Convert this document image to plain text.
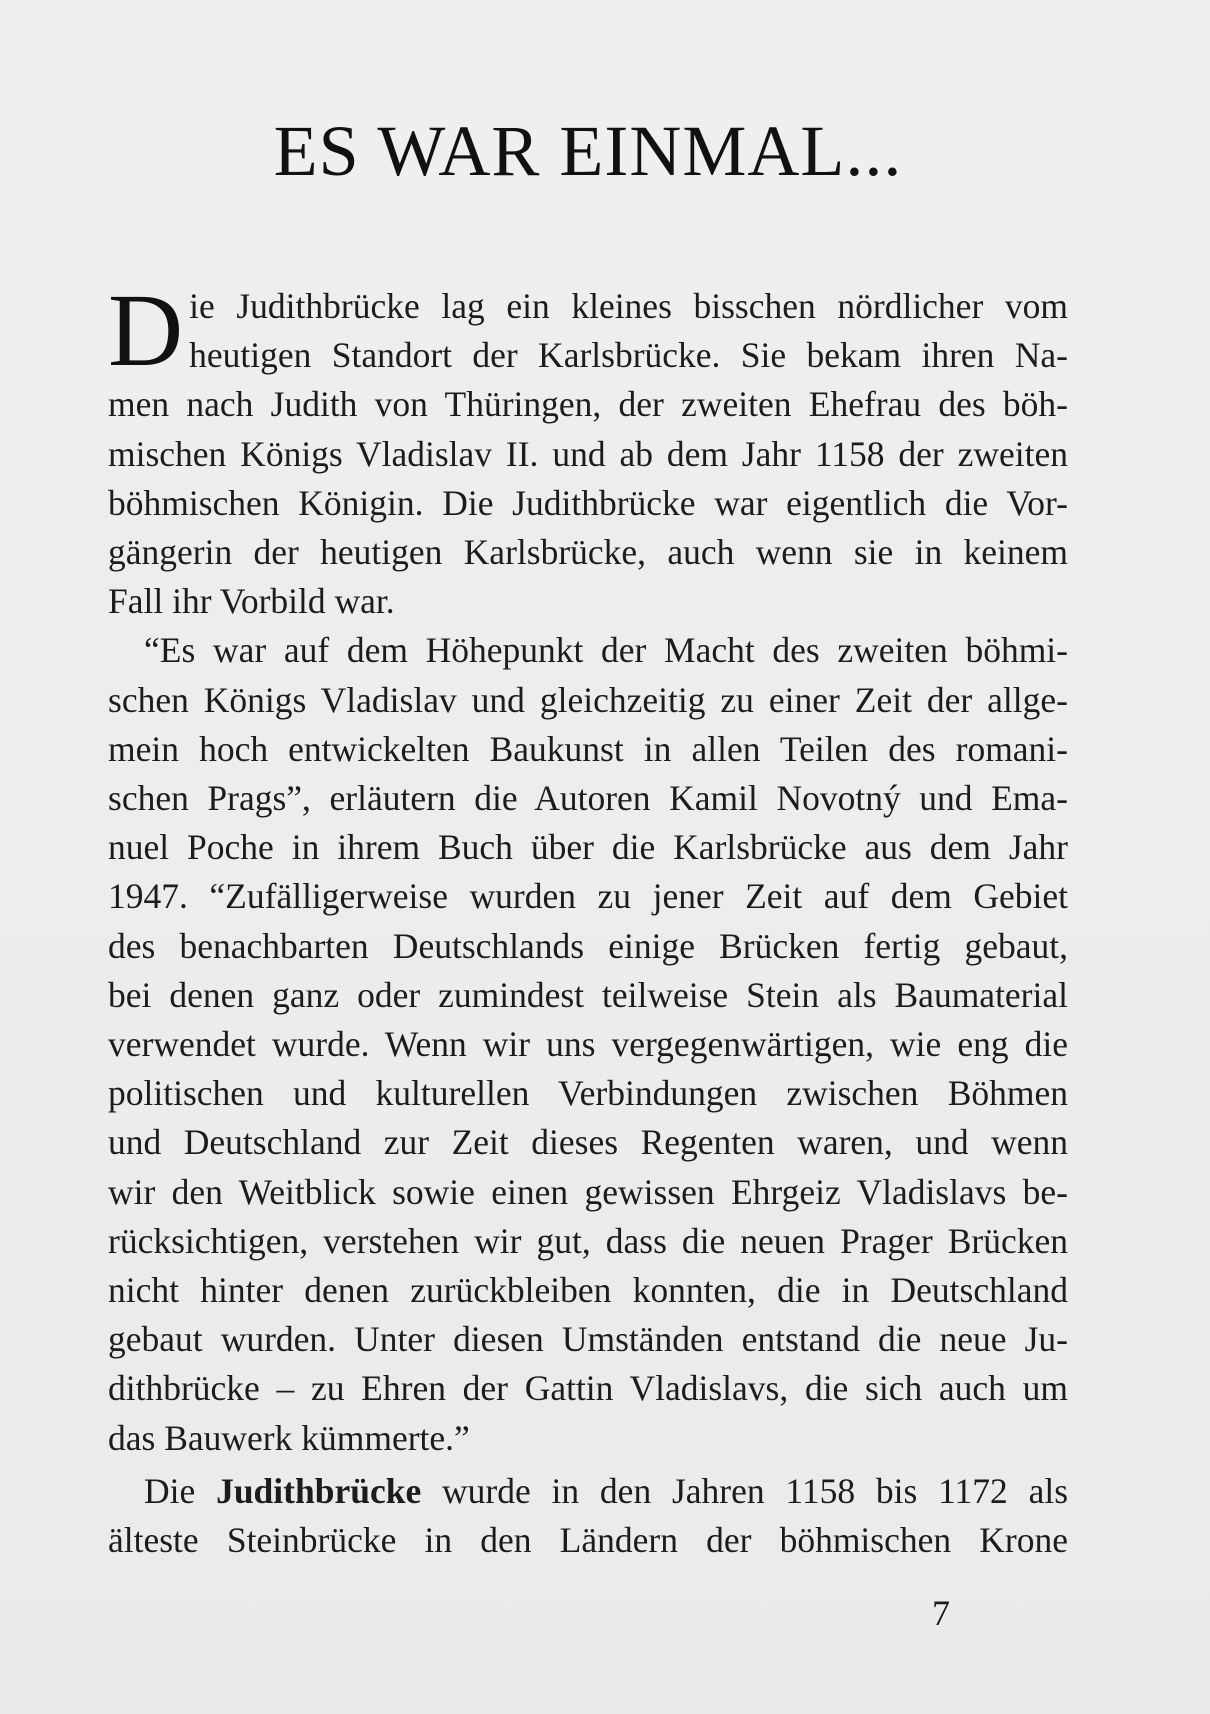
ES WAR EINMAL...

D ie Judithbrücke lag ein kleines bisschen nördlicher vom
heutigen Standort der Karlsbrücke. Sie bekam ihren Na-
men nach Judith von Thüringen, der zweiten Ehefrau des böh-
mischen Königs Vladislav II. und ab dem Jahr 1158 der zweiten
böhmischen Königin. Die Judithbrücke war eigentlich die Vor-
gängerin der heutigen Karlsbrücke, auch wenn sie in keinem
Fall ihr Vorbild war.

“Es war auf dem Höhepunkt der Macht des zweiten böhmi-
schen Königs Vladislav und gleichzeitig zu einer Zeit der allge-
mein hoch entwickelten Baukunst in allen Teilen des romani-
schen Prags”, erläutern die Autoren Kamil Novotný und Ema-
nuel Poche in ihrem Buch über die Karlsbrücke aus dem Jahr
1947. “Zufälligerweise wurden zu jener Zeit auf dem Gebiet
des benachbarten Deutschlands einige Brücken fertig gebaut,
bei denen ganz oder zumindest teilweise Stein als Baumaterial
verwendet wurde. Wenn wir uns vergegenwärtigen, wie eng die
politischen und kulturellen Verbindungen zwischen Böhmen
und Deutschland zur Zeit dieses Regenten waren, und wenn
wir den Weitblick sowie einen gewissen Ehrgeiz Vladislavs be-
rücksichtigen, verstehen wir gut, dass die neuen Prager Brücken
nicht hinter denen zurückbleiben konnten, die in Deutschland
gebaut wurden. Unter diesen Umständen entstand die neue Ju-
dithbrücke – zu Ehren der Gattin Vladislavs, die sich auch um
das Bauwerk kümmerte.”

Die Judithbrücke wurde in den Jahren 1158 bis 1172 als
älteste Steinbrücke in den Ländern der böhmischen Krone

7
